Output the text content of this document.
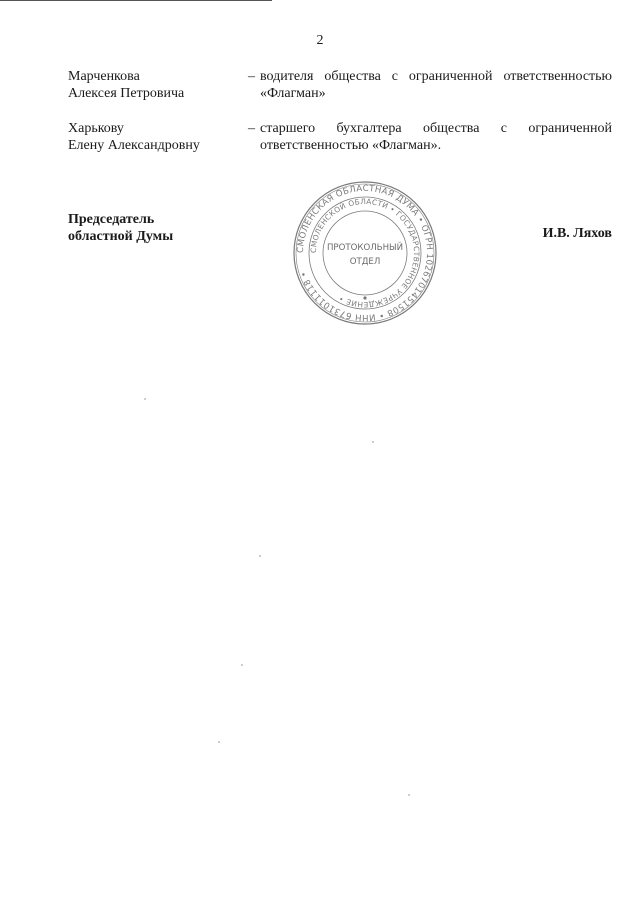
2
Марченкова
Алексея Петровича
– водителя общества с ограниченной ответственностью «Флагман»
Харькову
Елену Александровну
– старшего бухгалтера общества с ограниченной ответственностью «Флагман».
Председатель
областной Думы	И.В. Ляхов
СМОЛЕНСКАЯ ОБЛАСТНАЯ ДУМА • ОГРН 1026701451508 • ИНН 6731011118 •
СМОЛЕНСКОЙ ОБЛАСТИ • ГОСУДАРСТВЕННОЕ УЧРЕЖДЕНИЕ •
ПРОТОКОЛЬНЫЙ
ОТДЕЛ
